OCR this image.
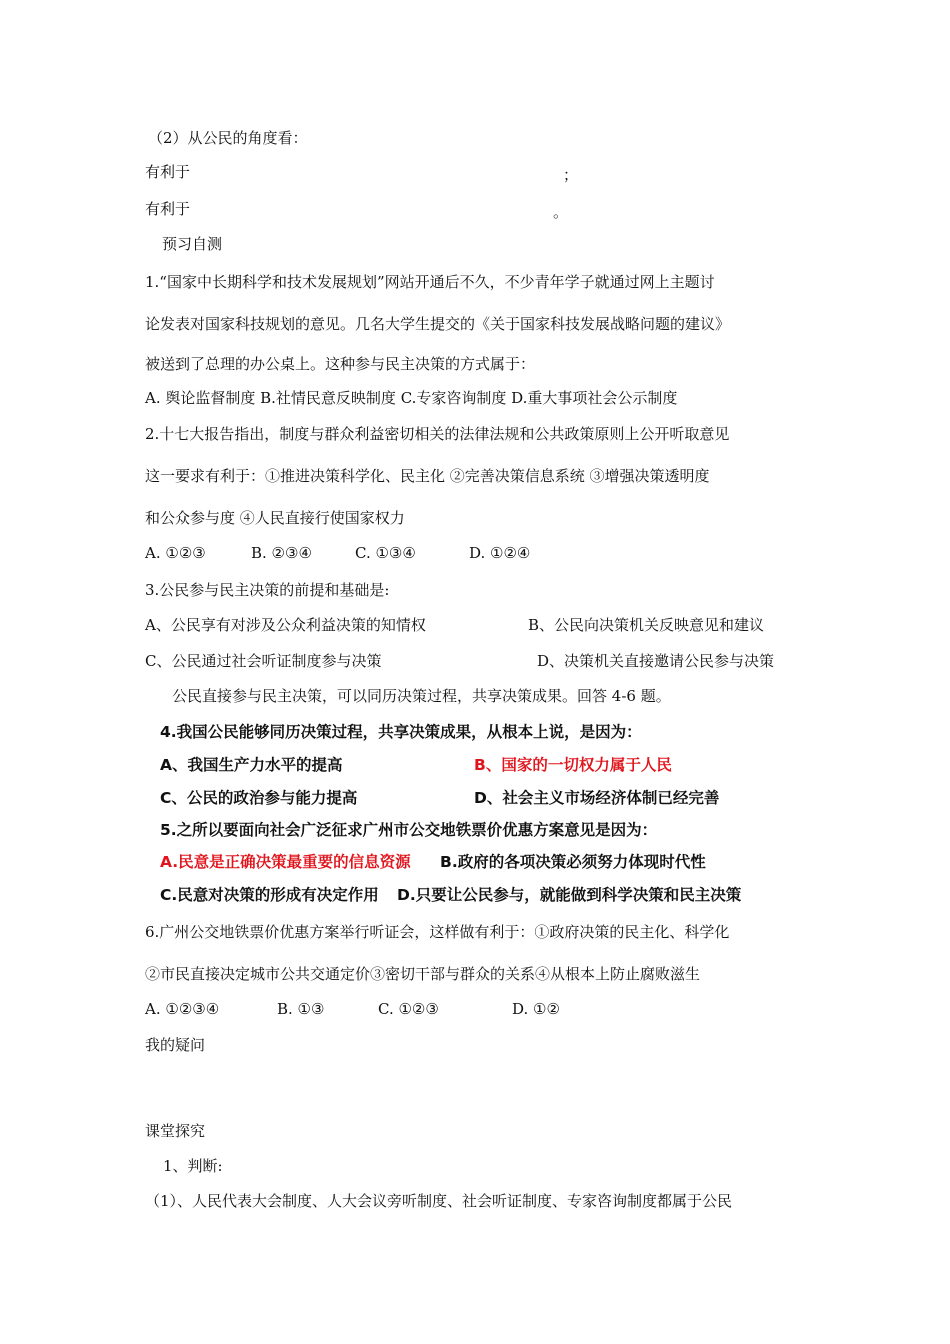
（2）从公民的角度看：
有利于	；
有利于	。
预习自测
1.“国家中长期科学和技术发展规划”网站开通后不久，不少青年学子就通过网上主题讨
论发表对国家科技规划的意见。几名大学生提交的《关于国家科技发展战略问题的建议》
被送到了总理的办公桌上。这种参与民主决策的方式属于：
A. 舆论监督制度 B.社情民意反映制度 C.专家咨询制度 D.重大事项社会公示制度
2.十七大报告指出，制度与群众利益密切相关的法律法规和公共政策原则上公开听取意见
这一要求有利于：①推进决策科学化、民主化 ②完善决策信息系统 ③增强决策透明度
和公众参与度 ④人民直接行使国家权力
A. ①②③	B. ②③④	C. ①③④	D. ①②④
3.公民参与民主决策的前提和基础是:
A、公民享有对涉及公众利益决策的知情权	B、公民向决策机关反映意见和建议
C、公民通过社会听证制度参与决策	D、决策机关直接邀请公民参与决策
公民直接参与民主决策，可以同历决策过程，共享决策成果。回答 4-6 题。
4.我国公民能够同历决策过程，共享决策成果，从根本上说，是因为：
A、我国生产力水平的提高	B、国家的一切权力属于人民
C、公民的政治参与能力提高	D、社会主义市场经济体制已经完善
5.之所以要面向社会广泛征求广州市公交地铁票价优惠方案意见是因为：
A.民意是正确决策最重要的信息资源 B.政府的各项决策必须努力体现时代性
C.民意对决策的形成有决定作用 D.只要让公民参与，就能做到科学决策和民主决策
6.广州公交地铁票价优惠方案举行听证会，这样做有利于：①政府决策的民主化、科学化
②市民直接决定城市公共交通定价③密切干部与群众的关系④从根本上防止腐败滋生
A. ①②③④	B. ①③	C. ①②③	D. ①②
我的疑问
课堂探究
1、判断:
（1）、人民代表大会制度、人大会议旁听制度、社会听证制度、专家咨询制度都属于公民
